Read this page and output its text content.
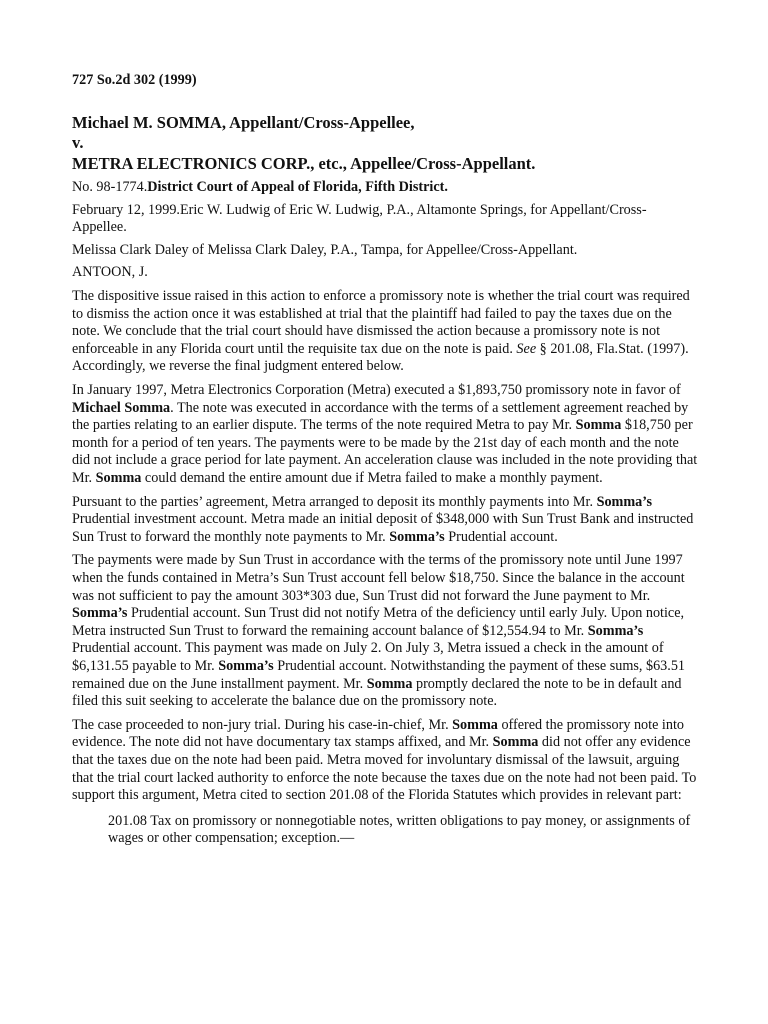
727 So.2d 302 (1999)
Michael M. SOMMA, Appellant/Cross-Appellee,
v.
METRA ELECTRONICS CORP., etc., Appellee/Cross-Appellant.

No. 98-1774.District Court of Appeal of Florida, Fifth District.

February 12, 1999.Eric W. Ludwig of Eric W. Ludwig, P.A., Altamonte Springs, for Appellant/Cross-Appellee.

Melissa Clark Daley of Melissa Clark Daley, P.A., Tampa, for Appellee/Cross-Appellant.

ANTOON, J.

The dispositive issue raised in this action to enforce a promissory note is whether the trial court was required to dismiss the action once it was established at trial that the plaintiff had failed to pay the taxes due on the note. We conclude that the trial court should have dismissed the action because a promissory note is not enforceable in any Florida court until the requisite tax due on the note is paid. See § 201.08, Fla.Stat. (1997). Accordingly, we reverse the final judgment entered below.

In January 1997, Metra Electronics Corporation (Metra) executed a $1,893,750 promissory note in favor of Michael Somma. The note was executed in accordance with the terms of a settlement agreement reached by the parties relating to an earlier dispute. The terms of the note required Metra to pay Mr. Somma $18,750 per month for a period of ten years. The payments were to be made by the 21st day of each month and the note did not include a grace period for late payment. An acceleration clause was included in the note providing that Mr. Somma could demand the entire amount due if Metra failed to make a monthly payment.

Pursuant to the parties’ agreement, Metra arranged to deposit its monthly payments into Mr. Somma’s Prudential investment account. Metra made an initial deposit of $348,000 with Sun Trust Bank and instructed Sun Trust to forward the monthly note payments to Mr. Somma’s Prudential account.

The payments were made by Sun Trust in accordance with the terms of the promissory note until June 1997 when the funds contained in Metra’s Sun Trust account fell below $18,750. Since the balance in the account was not sufficient to pay the amount 303*303 due, Sun Trust did not forward the June payment to Mr. Somma’s Prudential account. Sun Trust did not notify Metra of the deficiency until early July. Upon notice, Metra instructed Sun Trust to forward the remaining account balance of $12,554.94 to Mr. Somma’s Prudential account. This payment was made on July 2. On July 3, Metra issued a check in the amount of $6,131.55 payable to Mr. Somma’s Prudential account. Notwithstanding the payment of these sums, $63.51 remained due on the June installment payment. Mr. Somma promptly declared the note to be in default and filed this suit seeking to accelerate the balance due on the promissory note.

The case proceeded to non-jury trial. During his case-in-chief, Mr. Somma offered the promissory note into evidence. The note did not have documentary tax stamps affixed, and Mr. Somma did not offer any evidence that the taxes due on the note had been paid. Metra moved for involuntary dismissal of the lawsuit, arguing that the trial court lacked authority to enforce the note because the taxes due on the note had not been paid. To support this argument, Metra cited to section 201.08 of the Florida Statutes which provides in relevant part:

201.08 Tax on promissory or nonnegotiable notes, written obligations to pay money, or assignments of wages or other compensation; exception.—
